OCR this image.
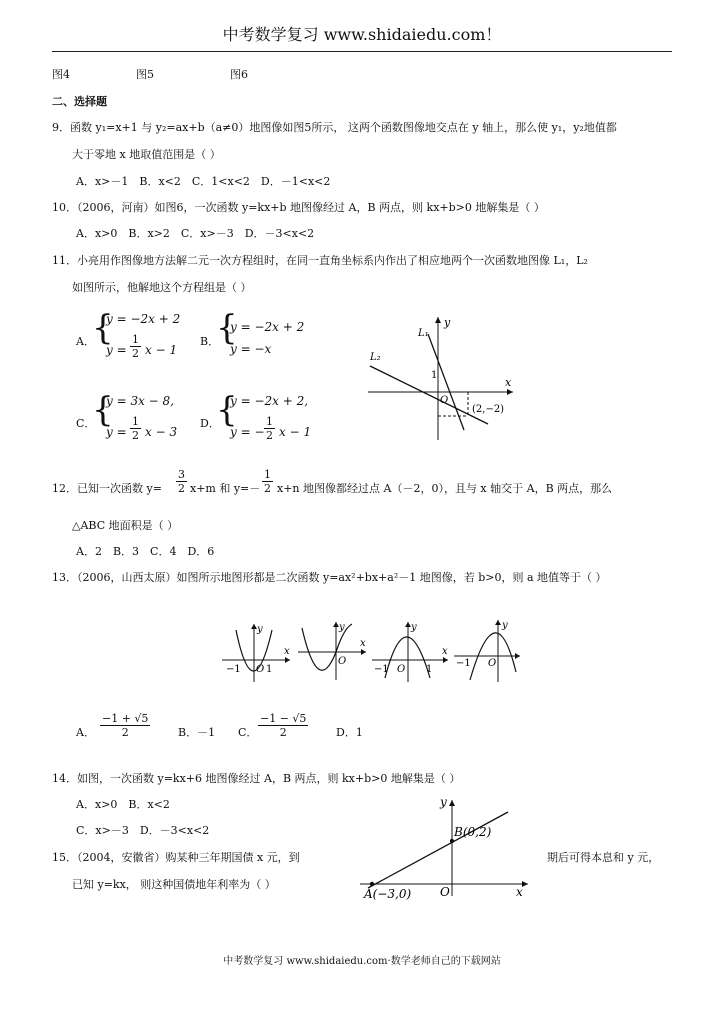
中考数学复习 www.shidaiedu.com！
图4	图5	图6
二、选择题
9．函数 y₁=x+1 与 y₂=ax+b（a≠0）地图像如图5所示， 这两个函数图像地交点在 y 轴上，那么使 y₁，y₂地值都
大于零地 x 地取值范围是（ ）
A．x>－1　B．x<2　C．1<x<2　D．－1<x<2
10．（2006，河南）如图6，一次函数 y=kx+b 地图像经过 A，B 两点，则 kx+b>0 地解集是（ ）
A．x>0　B．x>2　C．x>－3　D．－3<x<2
11．小亮用作图像地方法解二元一次方程组时，在同一直角坐标系内作出了相应地两个一次函数地图像 L₁，L₂
如图所示，他解地这个方程组是（ ）
A．
{
y = −2x + 2
$y = \frac{1}{2}$ x − 1
B．
{
y = −2x + 2
y = −x
C．
{
y = 3x − 8,
$y = \frac{1}{2}$ x − 3
D．
{
y = −2x + 2,
y = − $\frac{1}{2}$ x − 1
L₁
L₂
y
x
1
O
(2,−2)
12．已知一次函数 $y= \frac{3}{2} x+m$ 和 $y=- \frac{1}{2} x+n$ 地图像都经过点 A（－2，0），且与 x 轴交于 A，B 两点，那么
△ABC 地面积是（ ）
A．2　B．3　C．4　D．6
13．（2006，山西太原）如图所示地图形都是二次函数 y=ax²+bx+a²－1 地图像，若 b>0，则 a 地值等于（ ）
y
x
−1 O 1
y
x
O
y
x
−1 O 1
y
−1 O
A． $\frac{-1 + √5}{2}$	B．－1 C． $\frac{-1 - √5}{2}$	D．1
14．如图，一次函数 y=kx+6 地图像经过 A，B 两点，则 kx+b>0 地解集是（ ）
A．x>0　B．x<2
C．x>－3　D．－3<x<2
y
x
B(0,2)
A(−3,0) O
15．（2004，安徽省）购某种三年期国债 x 元，到	期后可得本息和 y 元，
已知 y=kx， 则这种国债地年利率为（ ）
中考数学复习 www.shidaiedu.com·数学老师自己的下载网站
